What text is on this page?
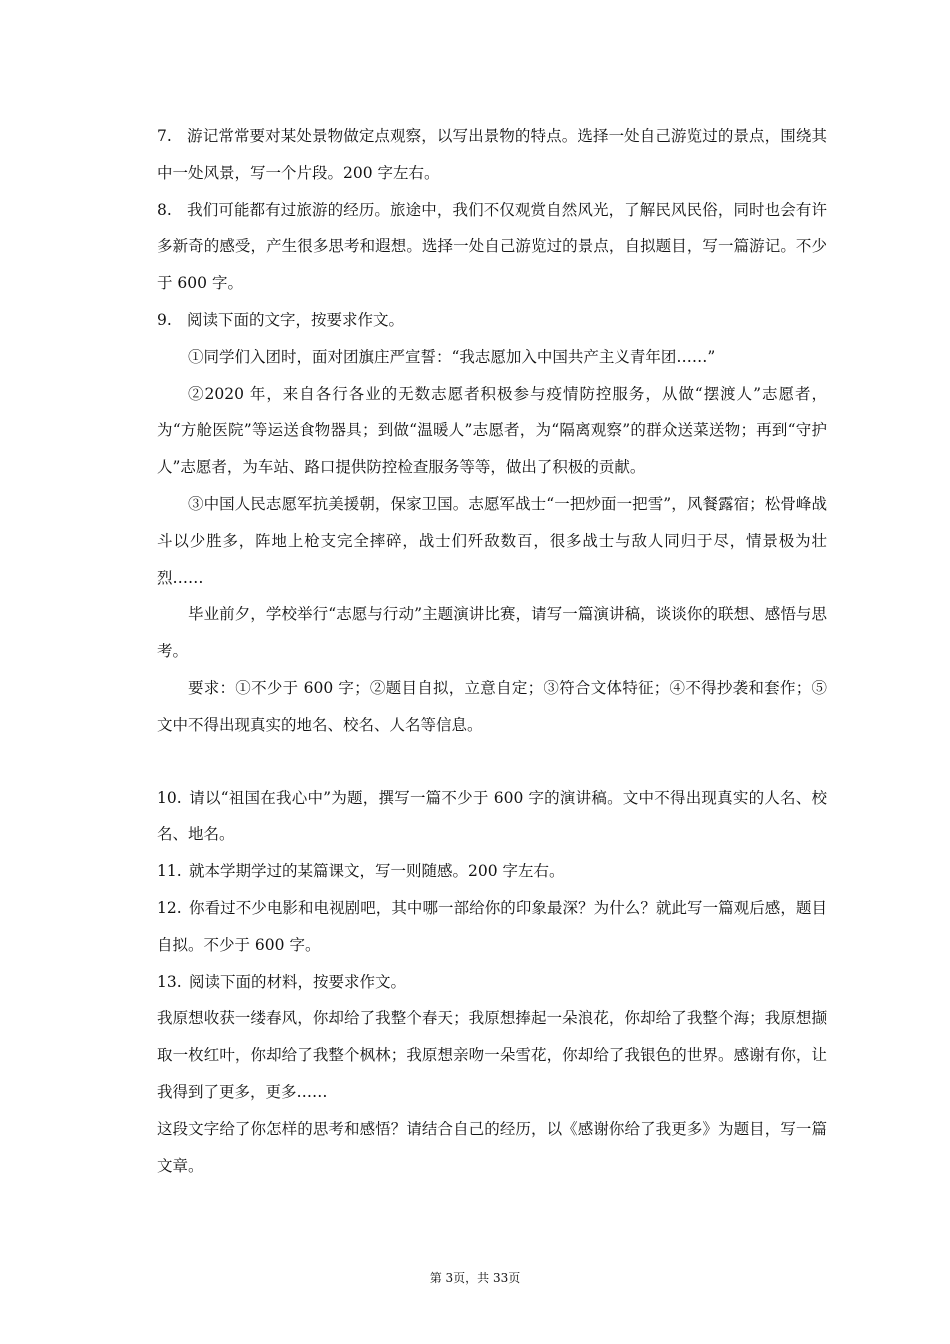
7. 游记常常要对某处景物做定点观察，以写出景物的特点。选择一处自己游览过的景点，围绕其中一处风景，写一个片段。200 字左右。

8. 我们可能都有过旅游的经历。旅途中，我们不仅观赏自然风光，了解民风民俗，同时也会有许多新奇的感受，产生很多思考和遐想。选择一处自己游览过的景点，自拟题目，写一篇游记。不少于 600 字。

9. 阅读下面的文字，按要求作文。

①同学们入团时，面对团旗庄严宣誓：“我志愿加入中国共产主义青年团……”

②2020 年，来自各行各业的无数志愿者积极参与疫情防控服务，从做“摆渡人”志愿者，为“方舱医院”等运送食物器具；到做“温暖人”志愿者，为“隔离观察”的群众送菜送物；再到“守护人”志愿者，为车站、路口提供防控检查服务等等，做出了积极的贡献。

③中国人民志愿军抗美援朝，保家卫国。志愿军战士“一把炒面一把雪”，风餐露宿；松骨峰战斗以少胜多，阵地上枪支完全摔碎，战士们歼敌数百，很多战士与敌人同归于尽，情景极为壮烈……

毕业前夕，学校举行“志愿与行动”主题演讲比赛，请写一篇演讲稿，谈谈你的联想、感悟与思考。

要求：①不少于 600 字；②题目自拟，立意自定；③符合文体特征；④不得抄袭和套作；⑤文中不得出现真实的地名、校名、人名等信息。

10. 请以“祖国在我心中”为题，撰写一篇不少于 600 字的演讲稿。文中不得出现真实的人名、校名、地名。

11. 就本学期学过的某篇课文，写一则随感。200 字左右。

12. 你看过不少电影和电视剧吧，其中哪一部给你的印象最深？为什么？就此写一篇观后感，题目自拟。不少于 600 字。

13. 阅读下面的材料，按要求作文。

我原想收获一缕春风，你却给了我整个春天；我原想捧起一朵浪花，你却给了我整个海；我原想撷取一枚红叶，你却给了我整个枫林；我原想亲吻一朵雪花，你却给了我银色的世界。感谢有你，让我得到了更多，更多……

这段文字给了你怎样的思考和感悟？请结合自己的经历，以《感谢你给了我更多》为题目，写一篇文章。

第 3页，共 33页
